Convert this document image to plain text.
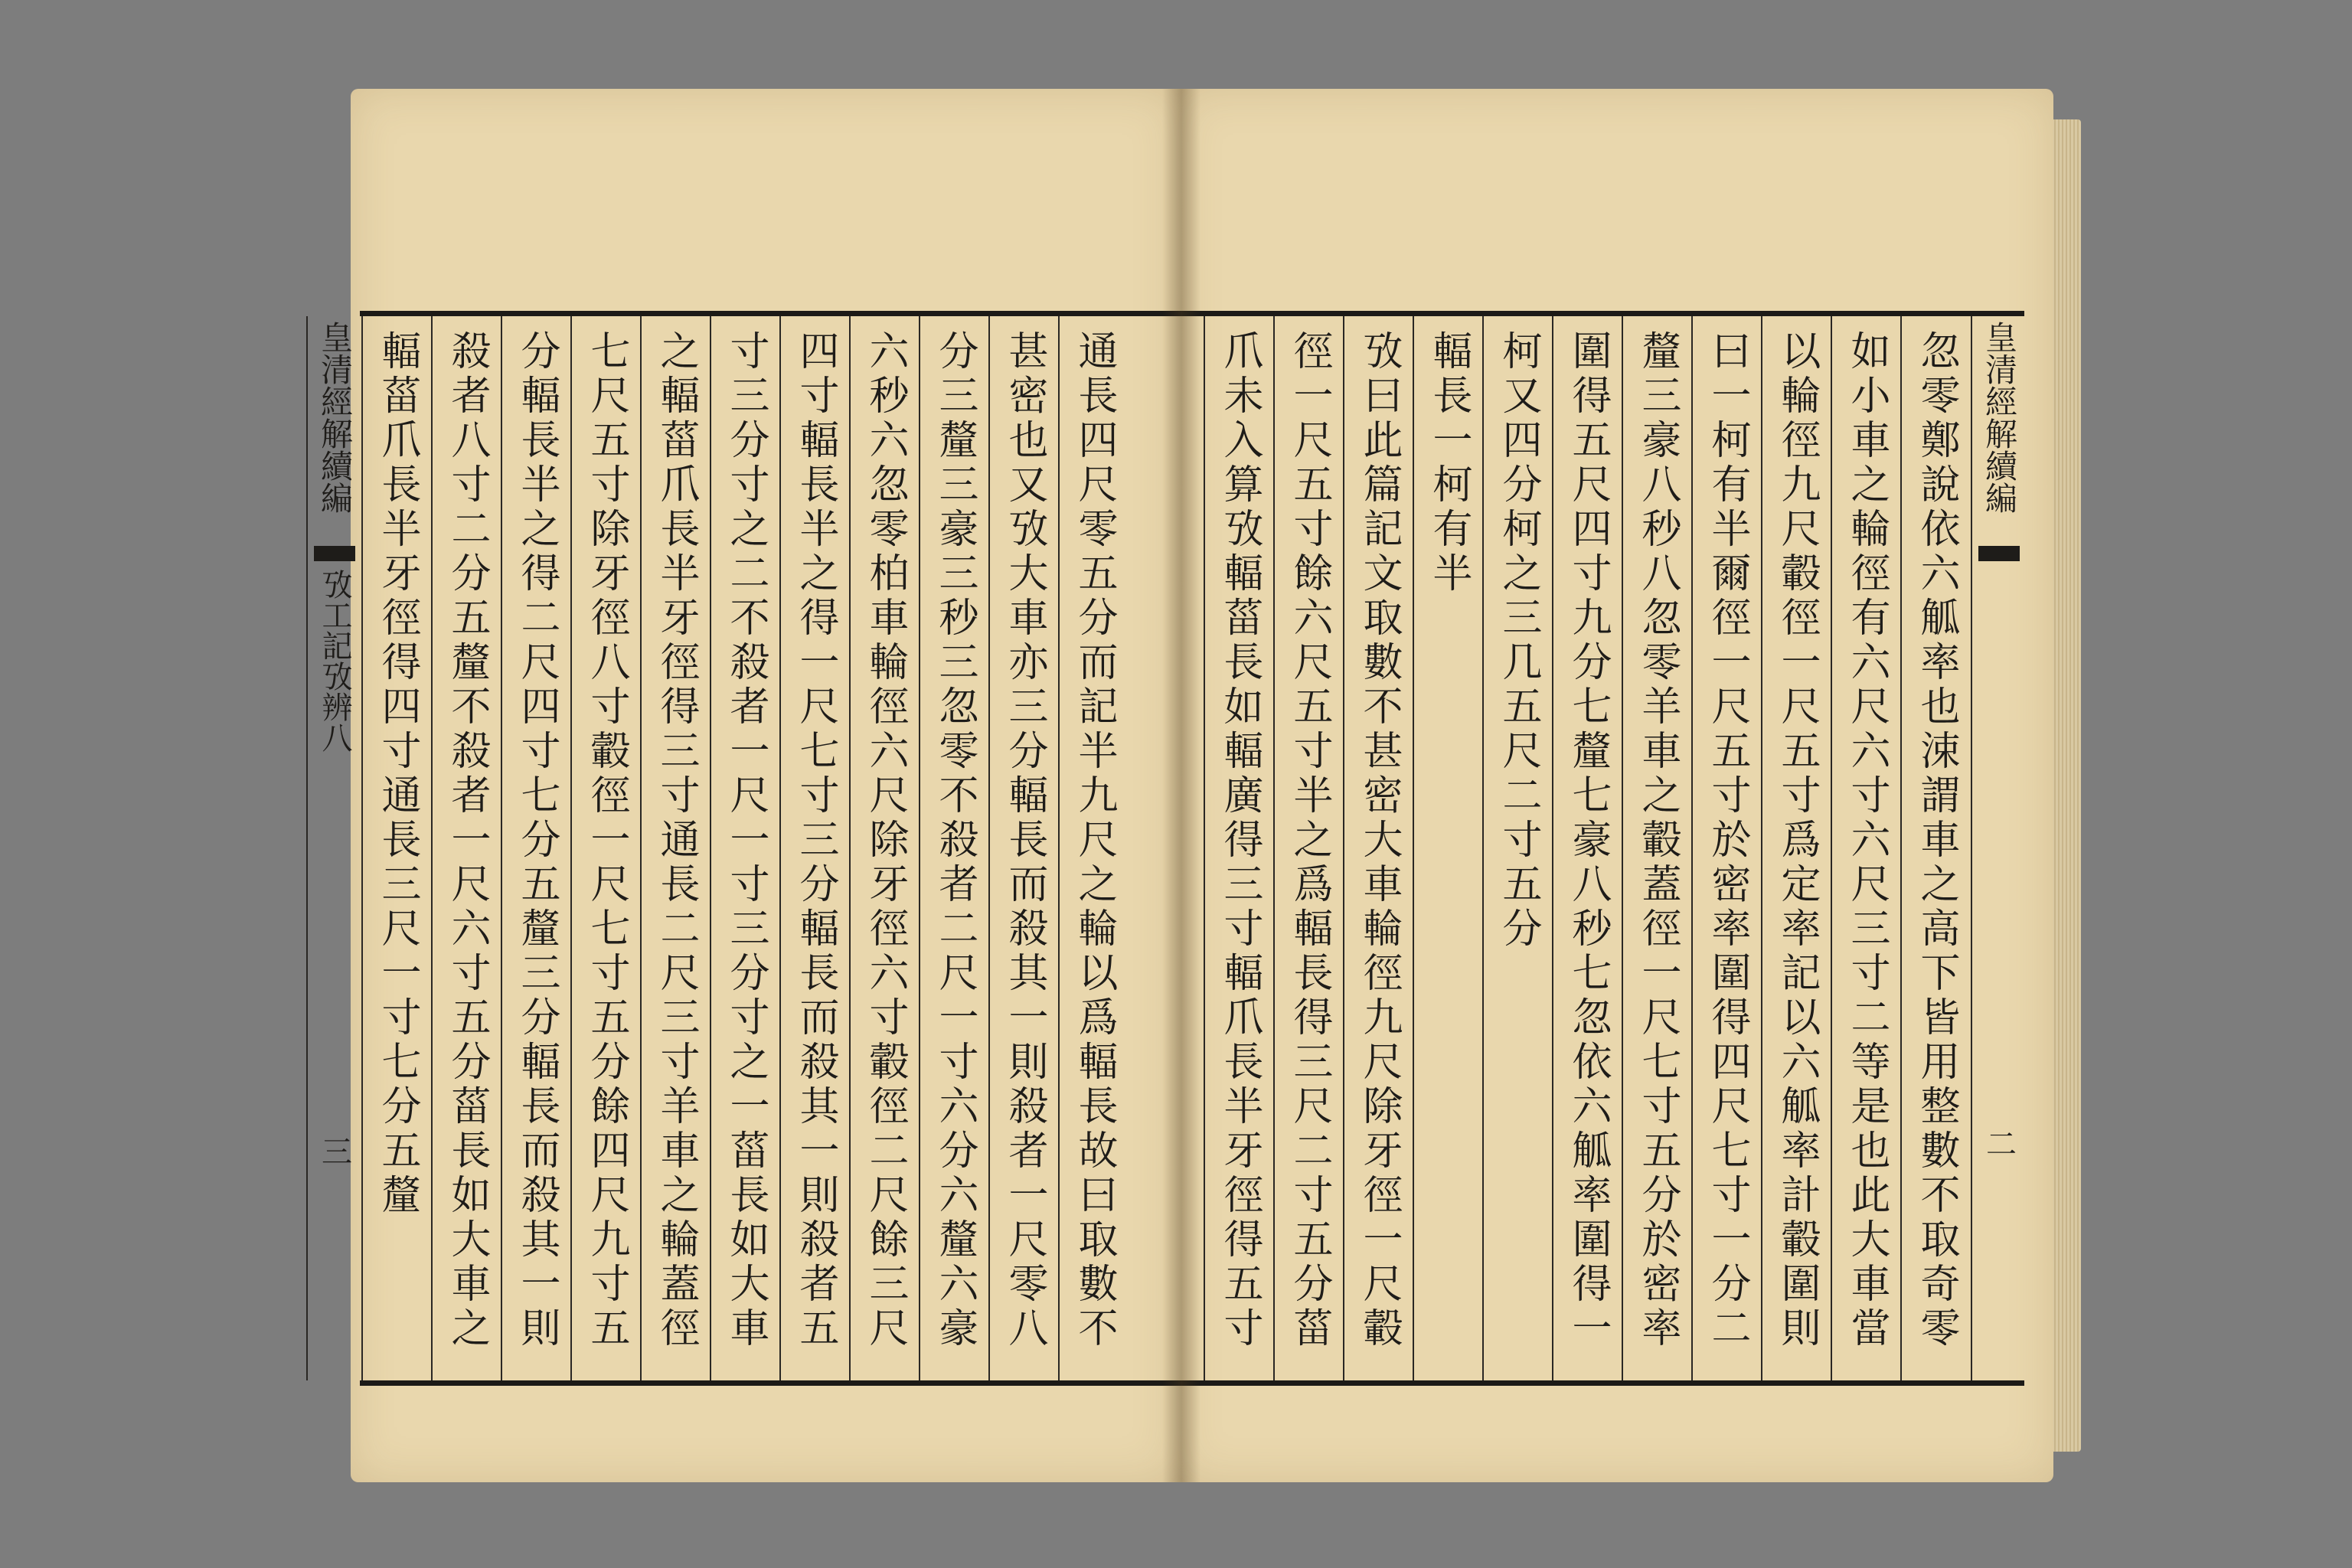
通長四尺零五分而記半九尺之輪以爲輻長故曰取數不
甚密也又攷大車亦三分輻長而殺其一則殺者一尺零八
分三釐三豪三秒三忽零不殺者二尺一寸六分六釐六豪
六秒六忽零柏車輪徑六尺除牙徑六寸轂徑二尺餘三尺
四寸輻長半之得一尺七寸三分輻長而殺其一則殺者五
寸三分寸之二不殺者一尺一寸三分寸之一菑長如大車
之輻菑爪長半牙徑得三寸通長二尺三寸羊車之輪蓋徑
七尺五寸除牙徑八寸轂徑一尺七寸五分餘四尺九寸五
分輻長半之得二尺四寸七分五釐三分輻長而殺其一則
殺者八寸二分五釐不殺者一尺六寸五分菑長如大車之
輻菑爪長半牙徑得四寸通長三尺一寸七分五釐
皇清經解續編
攷工記攷辨八
三
皇清經解續編
二
忽零鄭說依六觚率也涑謂車之高下皆用整數不取奇零
如小車之輪徑有六尺六寸六尺三寸二等是也此大車當
以輪徑九尺轂徑一尺五寸爲定率記以六觚率計轂圍則
曰一柯有半爾徑一尺五寸於密率圍得四尺七寸一分二
釐三豪八秒八忽零羊車之轂蓋徑一尺七寸五分於密率
圍得五尺四寸九分七釐七豪八秒七忽依六觚率圍得一
柯又四分柯之三几五尺二寸五分
輻長一柯有半
攷曰此篇記文取數不甚密大車輪徑九尺除牙徑一尺轂
徑一尺五寸餘六尺五寸半之爲輻長得三尺二寸五分菑
爪未入算攷輻菑長如輻廣得三寸輻爪長半牙徑得五寸
